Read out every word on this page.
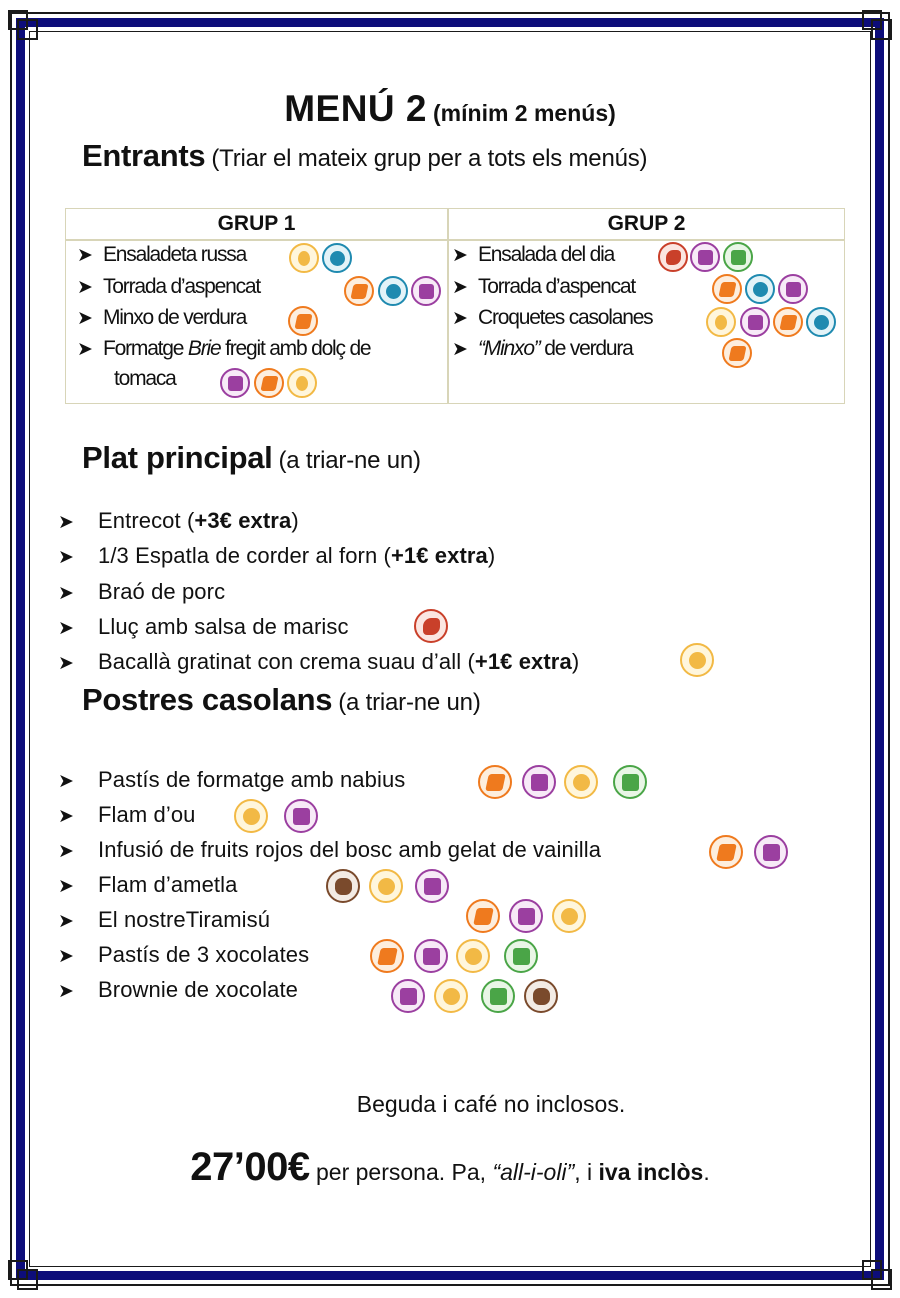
MENÚ 2 (mínim 2 menús)
Entrants (Triar el mateix grup per a tots els menús)
GRUP 1	GRUP 2
➤ Ensaladeta russa
➤ Torrada d’aspencat
➤ Minxo de verdura
➤ Formatge Brie fregit amb dolç de
tomaca
➤ Ensalada del dia
➤ Torrada d’aspencat
➤ Croquetes casolanes
➤ “Minxo” de verdura
Plat principal (a triar-ne un)
➤ Entrecot (+3€ extra)
➤ 1/3 Espatla de corder al forn (+1€ extra)
➤ Braó de porc
➤ Lluç amb salsa de marisc
➤ Bacallà gratinat con crema suau d’all (+1€ extra)
Postres casolans (a triar-ne un)
➤ Pastís de formatge amb nabius
➤ Flam d’ou
➤ Infusió de fruits rojos del bosc amb gelat de vainilla
➤ Flam d’ametla
➤ El nostreTiramisú
➤ Pastís de 3 xocolates
➤ Brownie de xocolate
Beguda i café no inclosos.
27’00€ per persona. Pa, “all-i-oli”, i iva inclòs.
